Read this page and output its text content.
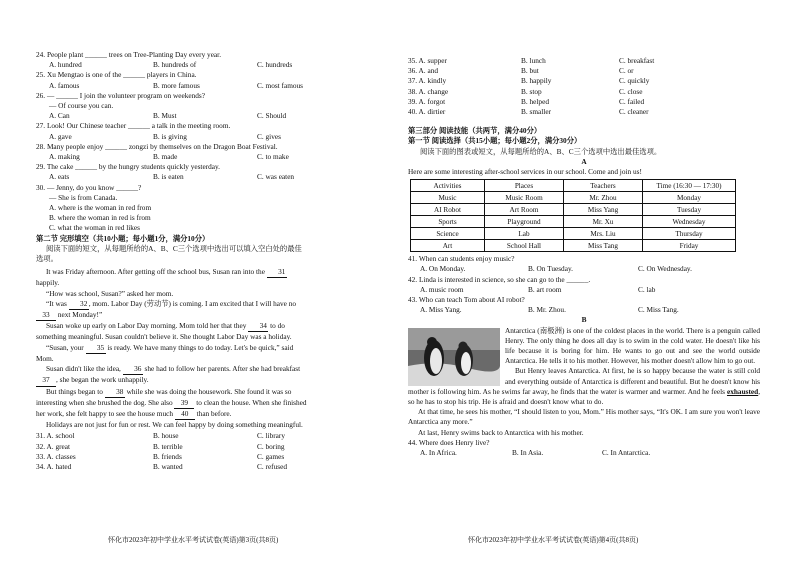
24. People plant ______ trees on Tree-Planting Day every year.
A. hundred	B. hundreds of	C. hundreds
25. Xu Mengtao is one of the ______ players in China.
A. famous	B. more famous	C. most famous
26. — ______ I join the volunteer program on weekends?
— Of course you can.
A. Can	B. Must	C. Should
27. Look! Our Chinese teacher ______ a talk in the meeting room.
A. gave	B. is giving	C. gives
28. Many people enjoy ______ zongzi by themselves on the Dragon Boat Festival.
A. making	B. made	C. to make
29. The cake ______ by the hungry students quickly yesterday.
A. eats	B. is eaten	C. was eaten
30. — Jenny, do you know ______?
— She is from Canada.
A. where is the woman in red from
B. where the woman in red is from
C. what the woman in red likes
第二节 完形填空（共10小题；每小题1分，满分10分）
阅读下面的短文，从每题所给的A、B、C三个选项中选出可以填入空白处的最佳
选项。
It was Friday afternoon. After getting off the school bus, Susan ran into the 31
happily.
“How was school, Susan?” asked her mom.
“It was 32, mom. Labor Day (劳动节) is coming. I am excited that I will have no
33 next Monday!”
Susan woke up early on Labor Day morning. Mom told her that they 34 to do
something meaningful. Susan couldn't believe it. She thought Labor Day was a holiday.
“Susan, your 35 is ready. We have many things to do today. Let's be quick,” said
Mom.
Susan didn't like the idea, 36 she had to follow her parents. After she had breakfast
37 , she began the work unhappily.
But things began to 38 while she was doing the housework. She found it was so
interesting when she brushed the dog. She also 39 to clean the house. When she finished
her work, she felt happy to see the house much 40 than before.
Holidays are not just for fun or rest. We can feel happy by doing something meaningful.
31. A. school	B. house	C. library
32. A. great	B. terrible	C. boring
33. A. classes	B. friends	C. games
34. A. hated	B. wanted	C. refused
35. A. supper	B. lunch	C. breakfast
36. A. and	B. but	C. or
37. A. kindly	B. happily	C. quickly
38. A. change	B. stop	C. close
39. A. forgot	B. helped	C. failed
40. A. dirtier	B. smaller	C. cleaner
第三部分 阅读技能（共两节，满分40分）
第一节 阅读选择（共15小题；每小题2分，满分30分）
阅读下面的图表或短文，从每题所给的A、B、C三个选项中选出最佳选项。
A
Here are some interesting after-school services in our school. Come and join us!
Activities	Places	Teachers	Time (16:30 — 17:30)
Music	Music Room	Mr. Zhou	Monday
AI Robot	Art Room	Miss Yang	Tuesday
Sports	Playground	Mr. Xu	Wednesday
Science	Lab	Mrs. Liu	Thursday
Art	School Hall	Miss Tang	Friday
41. When can students enjoy music?
A. On Monday.	B. On Tuesday.	C. On Wednesday.
42. Linda is interested in science, so she can go to the ______.
A. music room	B. art room	C. lab
43. Who can teach Tom about AI robot?
A. Miss Yang.	B. Mr. Zhou.	C. Miss Tang.
B
Antarctica (南极洲) is one of the coldest places in the world. There is a penguin called Henry. The only thing he does all day is to swim in the cold water. He doesn't like his life because it is boring for him. He wants to go out and see the world outside Antarctica. He tells it to his mother. However, his mother doesn't allow him to go out.
But Henry leaves Antarctica. At first, he is so happy because the water is still cold and everything outside of Antarctica is different and beautiful. But he doesn't know his mother is following him. As he swims far away, he finds that the water is warmer and warmer. And he feels exhausted, so he has to stop his trip. He is afraid and doesn't know what to do.
At that time, he sees his mother, “I should listen to you, Mom.” His mother says, “It's OK. I am sure you won't leave Antarctica any more.”
At last, Henry swims back to Antarctica with his mother.
44. Where does Henry live?
A. In Africa.	B. In Asia.	C. In Antarctica.
怀化市2023年初中学业水平考试试卷(英语)第3页(共8页)	怀化市2023年初中学业水平考试试卷(英语)第4页(共8页)
